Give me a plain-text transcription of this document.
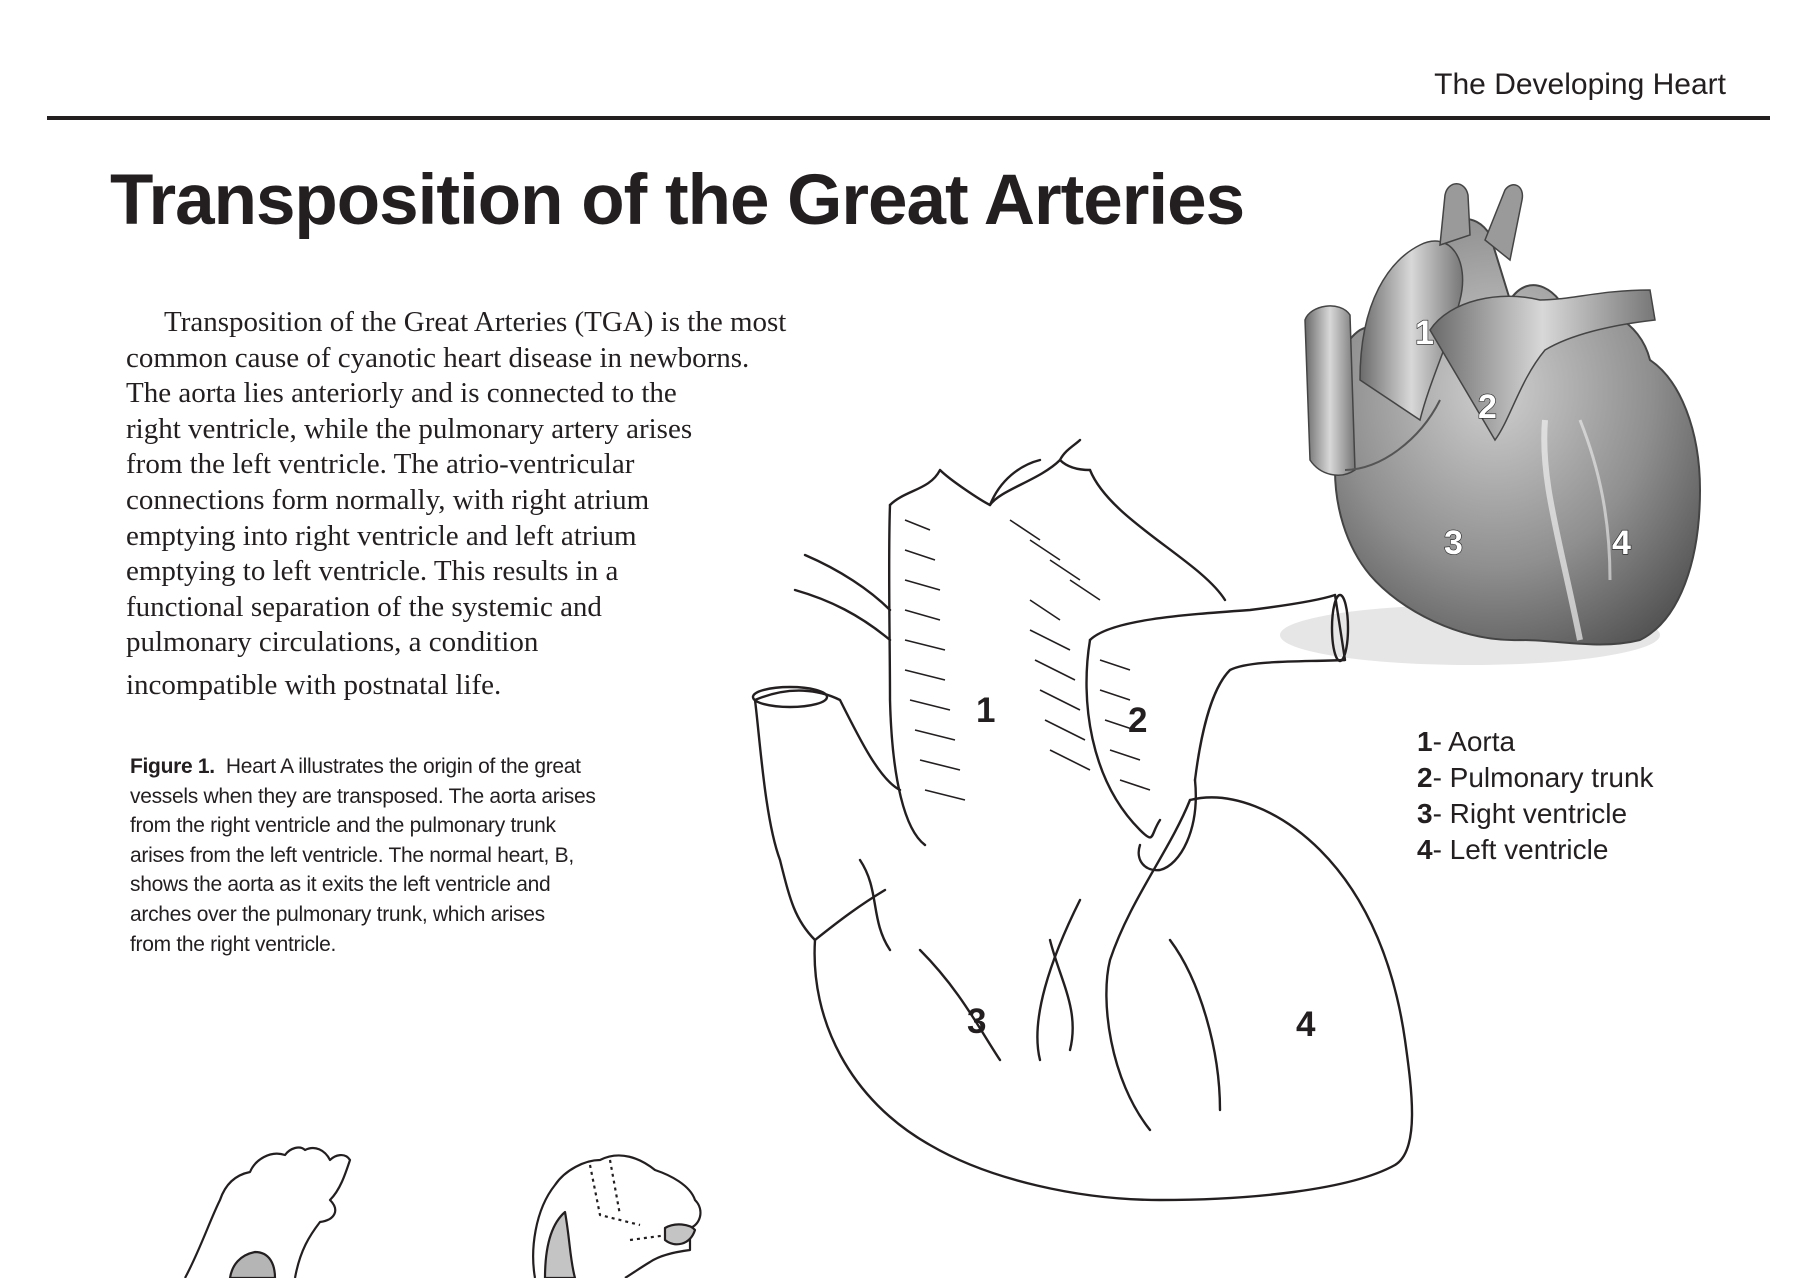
The Developing Heart
Transposition of the Great Arteries

Transposition of the Great Arteries (TGA) is the most
common cause of cyanotic heart disease in newborns.
The aorta lies anteriorly and is connected to the
right ventricle, while the pulmonary artery arises
from the left ventricle. The atrio-ventricular
connections form normally, with right atrium
emptying into right ventricle and left atrium
emptying to left ventricle. This results in a
functional separation of the systemic and
pulmonary circulations, a condition
incompatible with postnatal life.

Figure 1. Heart A illustrates the origin of the great
vessels when they are transposed. The aorta arises
from the right ventricle and the pulmonary trunk
arises from the left ventricle. The normal heart, B,
shows the aorta as it exits the left ventricle and
arches over the pulmonary trunk, which arises
from the right ventricle.

1- Aorta
2- Pulmonary trunk
3- Right ventricle
4- Left ventricle
1
2
3	4
1	2
3	4
